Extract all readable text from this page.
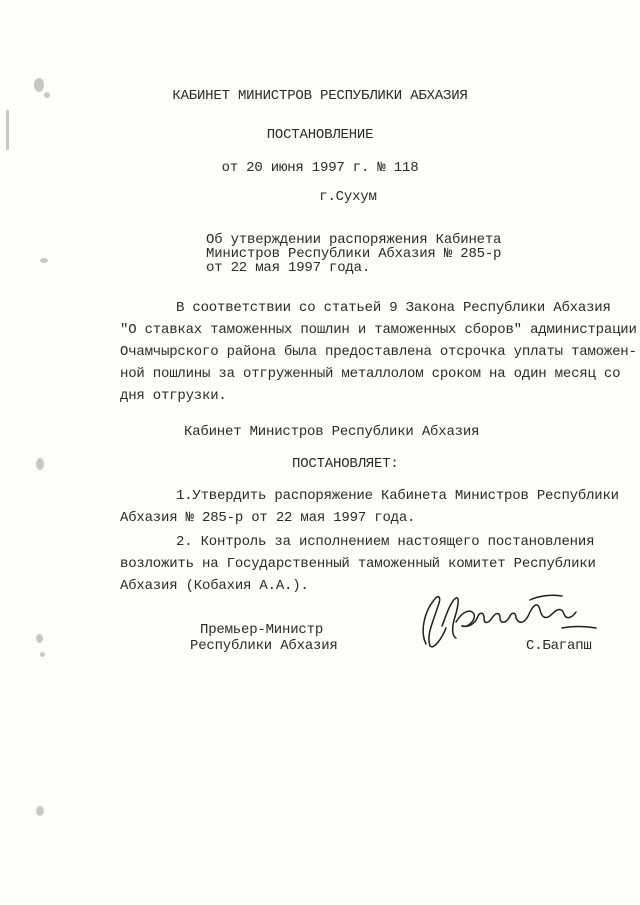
КАБИНЕТ МИНИСТРОВ РЕСПУБЛИКИ АБХАЗИЯ

ПОСТАНОВЛЕНИЕ

от 20 июня 1997 г. № 118

г.Сухум

Об утверждении распоряжения Кабинета

Министров Республики Абхазия № 285-р

от 22 мая 1997 года.

В соответствии со статьей 9 Закона Республики Абхазия

"О ставках таможенных пошлин и таможенных сборов" администрации

Очамчырского района была предоставлена отсрочка уплаты таможен-

ной пошлины за отгруженный металлолом сроком на один месяц со

дня отгрузки.

Кабинет Министров Республики Абхазия

ПОСТАНОВЛЯЕТ:

1.Утвердить распоряжение Кабинета Министров Республики

Абхазия № 285-р от 22 мая 1997 года.

2. Контроль за исполнением настоящего постановления

возложить на Государственный таможенный комитет Республики

Абхазия (Кобахия А.А.).

Премьер-Министр

Республики Абхазия	С.Багапш
